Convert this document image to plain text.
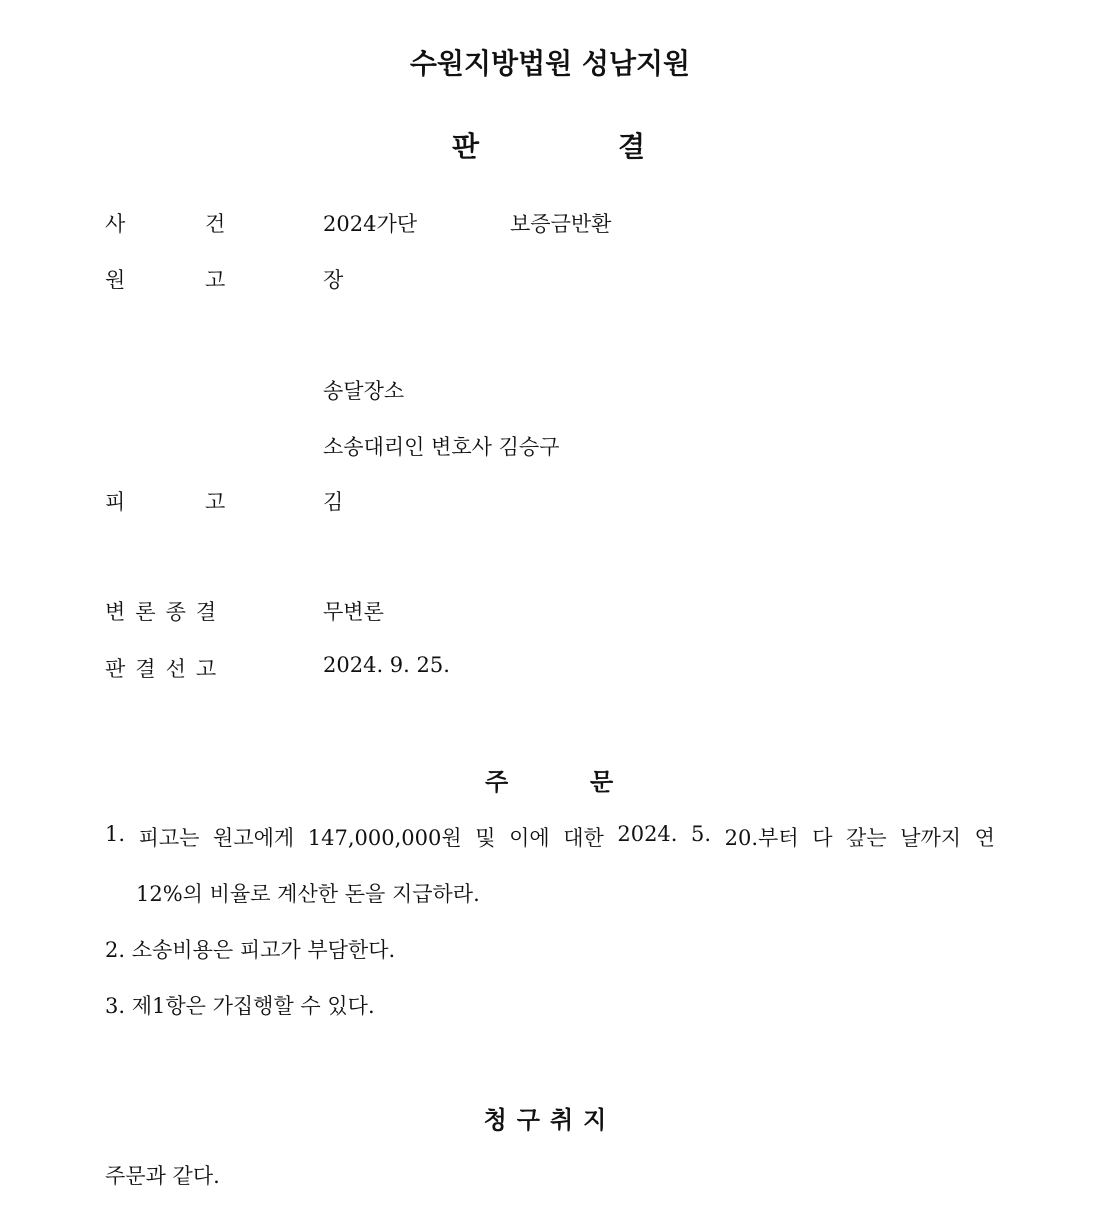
수원지방법원 성남지원
판	결
사	건	2024가단	보증금반환
원	고	장
송달장소
소송대리인 변호사 김승구
피	고	김
변론종결	무변론
판결선고	2024. 9. 25.
주	문
1. 피고는 원고에게 147,000,000원 및 이에 대한 2024. 5. 20.부터 다 갚는 날까지 연
12%의 비율로 계산한 돈을 지급하라.
2. 소송비용은 피고가 부담한다.
3. 제1항은 가집행할 수 있다.
청구취지
주문과 같다.
